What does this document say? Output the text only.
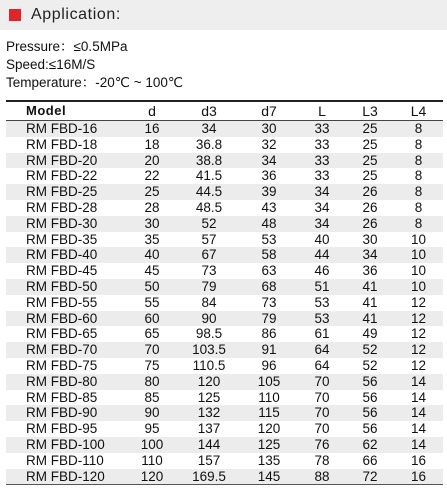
Application:
Pressure：≤0.5MPa
Speed:≤16M/S
Temperature：-20℃ ~ 100℃
Model	d	d3	d7	L	L3	L4
RM FBD-16	16	34	30	33	25	8
RM FBD-18	18	36.8	32	33	25	8
RM FBD-20	20	38.8	34	33	25	8
RM FBD-22	22	41.5	36	33	25	8
RM FBD-25	25	44.5	39	34	26	8
RM FBD-28	28	48.5	43	34	26	8
RM FBD-30	30	52	48	34	26	8
RM FBD-35	35	57	53	40	30	10
RM FBD-40	40	67	58	44	34	10
RM FBD-45	45	73	63	46	36	10
RM FBD-50	50	79	68	51	41	10
RM FBD-55	55	84	73	53	41	12
RM FBD-60	60	90	79	53	41	12
RM FBD-65	65	98.5	86	61	49	12
RM FBD-70	70	103.5	91	64	52	12
RM FBD-75	75	110.5	96	64	52	12
RM FBD-80	80	120	105	70	56	14
RM FBD-85	85	125	110	70	56	14
RM FBD-90	90	132	115	70	56	14
RM FBD-95	95	137	120	70	56	14
RM FBD-100	100	144	125	76	62	14
RM FBD-110	110	157	135	78	66	16
RM FBD-120	120	169.5	145	88	72	16
